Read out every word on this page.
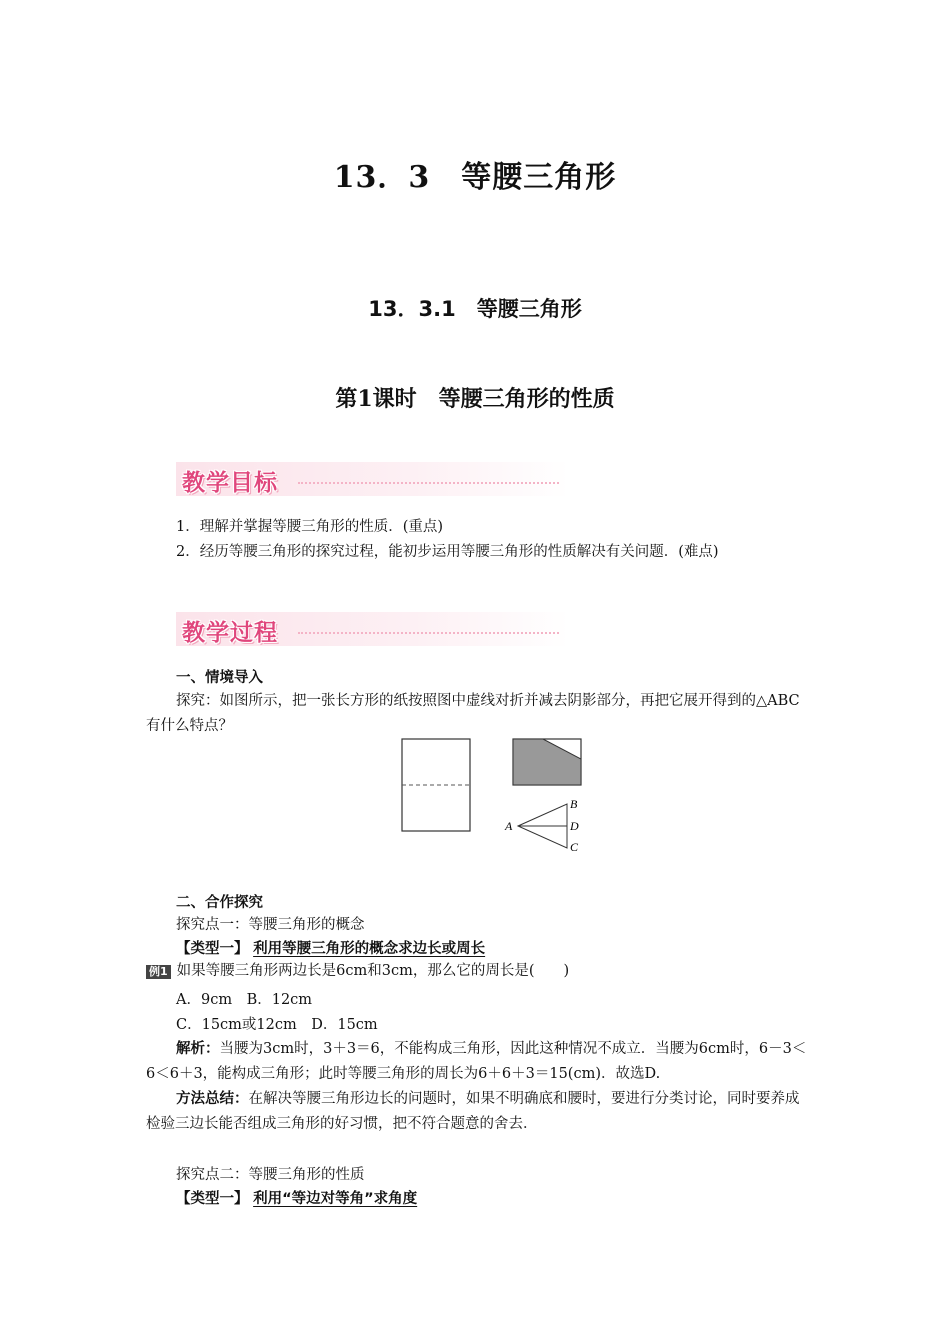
13．3　等腰三角形
13．3.1　等腰三角形
第1课时　等腰三角形的性质
教学目标
1．理解并掌握等腰三角形的性质．(重点)
2．经历等腰三角形的探究过程，能初步运用等腰三角形的性质解决有关问题．(难点)
教学过程
一、情境导入
探究：如图所示，把一张长方形的纸按照图中虚线对折并减去阴影部分，再把它展开得到的△ABC有什么特点？
A
B
D
C
二、合作探究
探究点一：等腰三角形的概念
【类型一】 利用等腰三角形的概念求边长或周长
例1 如果等腰三角形两边长是6cm和3cm，那么它的周长是(　　)
A．9cm　B．12cm
C．15cm或12cm　D．15cm
解析：当腰为3cm时，3＋3＝6，不能构成三角形，因此这种情况不成立．当腰为6cm时，6－3＜6＜6＋3，能构成三角形；此时等腰三角形的周长为6＋6＋3＝15(cm)．故选D.
方法总结：在解决等腰三角形边长的问题时，如果不明确底和腰时，要进行分类讨论，同时要养成检验三边长能否组成三角形的好习惯，把不符合题意的舍去．
探究点二：等腰三角形的性质
【类型一】 利用“等边对等角”求角度
